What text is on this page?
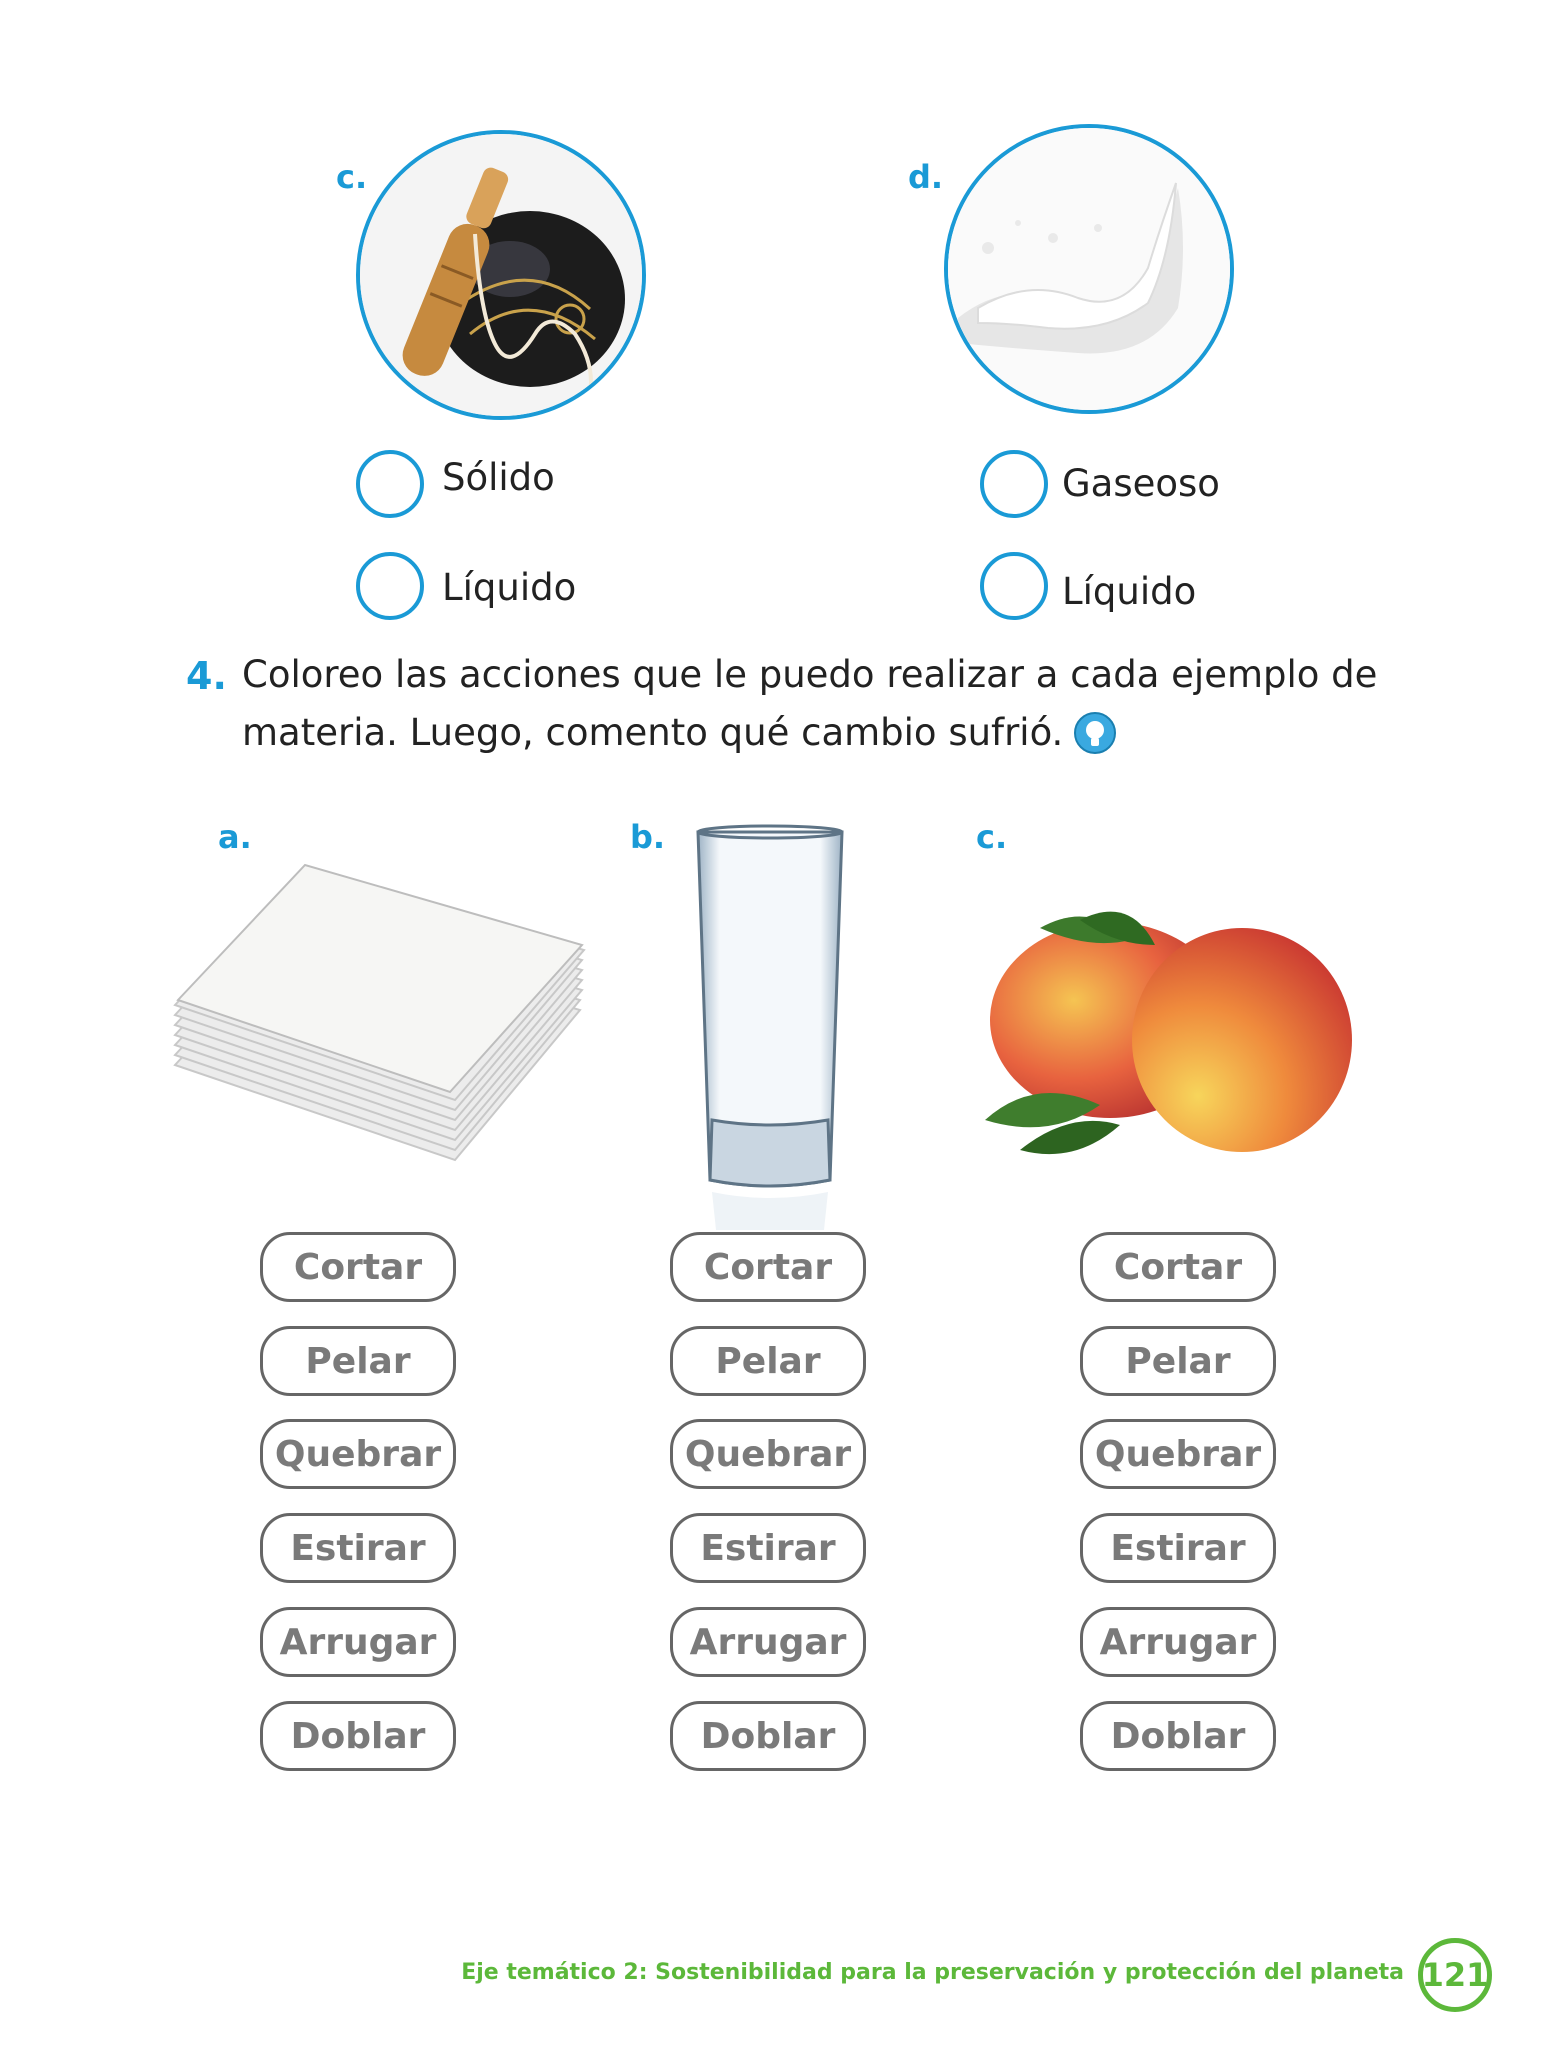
c.
Sólido
Líquido
d.
Gaseoso
Líquido
4. Coloreo las acciones que le puedo realizar a cada ejemplo de
materia. Luego, comento qué cambio sufrió.
a.	b.	c.
Cortar
Pelar
Quebrar
Estirar
Arrugar
Doblar
Cortar
Pelar
Quebrar
Estirar
Arrugar
Doblar
Cortar
Pelar
Quebrar
Estirar
Arrugar
Doblar
Eje temático 2: Sostenibilidad para la preservación y protección del planeta 121
